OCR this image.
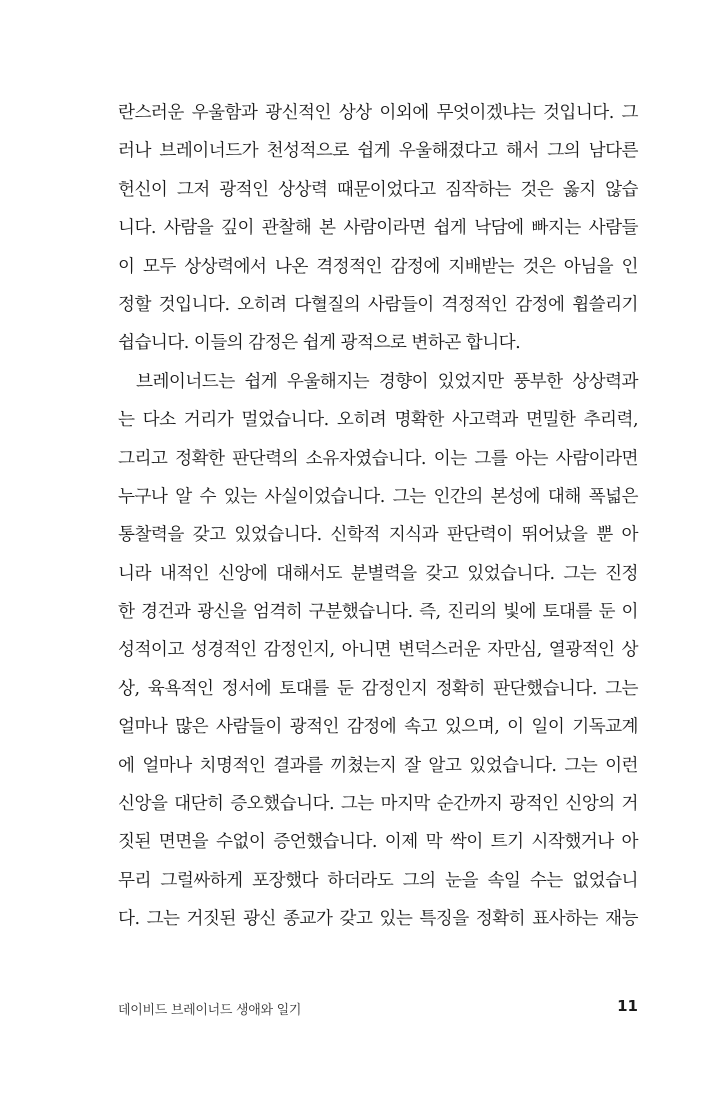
란스러운 우울함과 광신적인 상상 이외에 무엇이겠냐는 것입니다. 그
러나 브레이너드가 천성적으로 쉽게 우울해졌다고 해서 그의 남다른
헌신이 그저 광적인 상상력 때문이었다고 짐작하는 것은 옳지 않습
니다. 사람을 깊이 관찰해 본 사람이라면 쉽게 낙담에 빠지는 사람들
이 모두 상상력에서 나온 격정적인 감정에 지배받는 것은 아님을 인
정할 것입니다. 오히려 다혈질의 사람들이 격정적인 감정에 휩쓸리기
쉽습니다. 이들의 감정은 쉽게 광적으로 변하곤 합니다.

브레이너드는 쉽게 우울해지는 경향이 있었지만 풍부한 상상력과
는 다소 거리가 멀었습니다. 오히려 명확한 사고력과 면밀한 추리력,
그리고 정확한 판단력의 소유자였습니다. 이는 그를 아는 사람이라면
누구나 알 수 있는 사실이었습니다. 그는 인간의 본성에 대해 폭넓은
통찰력을 갖고 있었습니다. 신학적 지식과 판단력이 뛰어났을 뿐 아
니라 내적인 신앙에 대해서도 분별력을 갖고 있었습니다. 그는 진정
한 경건과 광신을 엄격히 구분했습니다. 즉, 진리의 빛에 토대를 둔 이
성적이고 성경적인 감정인지, 아니면 변덕스러운 자만심, 열광적인 상
상, 육욕적인 정서에 토대를 둔 감정인지 정확히 판단했습니다. 그는
얼마나 많은 사람들이 광적인 감정에 속고 있으며, 이 일이 기독교계
에 얼마나 치명적인 결과를 끼쳤는지 잘 알고 있었습니다. 그는 이런
신앙을 대단히 증오했습니다. 그는 마지막 순간까지 광적인 신앙의 거
짓된 면면을 수없이 증언했습니다. 이제 막 싹이 트기 시작했거나 아
무리 그럴싸하게 포장했다 하더라도 그의 눈을 속일 수는 없었습니
다. 그는 거짓된 광신 종교가 갖고 있는 특징을 정확히 표사하는 재능

데이비드 브레이너드 생애와 일기	11
